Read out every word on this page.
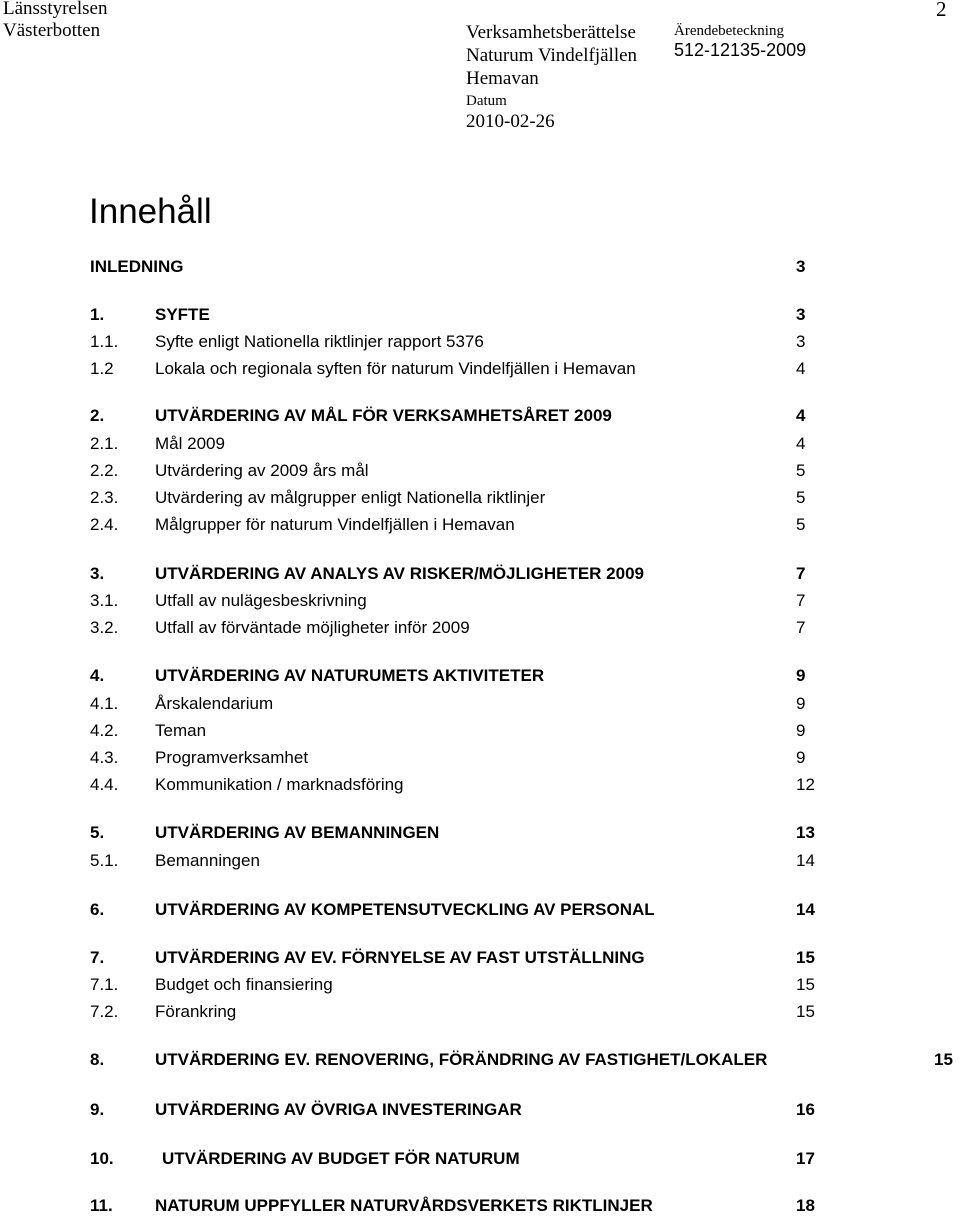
Länsstyrelsen
Västerbotten	Verksamhetsberättelse
Naturum Vindelfjällen
Hemavan
Datum
2010-02-26
Ärendebeteckning
512-12135-2009
2
Innehåll
INLEDNING	3
1.	SYFTE	3
1.1. Syfte enligt Nationella riktlinjer rapport 5376	3
1.2 Lokala och regionala syften för naturum Vindelfjällen i Hemavan	4
2.	UTVÄRDERING AV MÅL FÖR VERKSAMHETSÅRET 2009	4
2.1. Mål 2009	4
2.2. Utvärdering av 2009 års mål	5
2.3. Utvärdering av målgrupper enligt Nationella riktlinjer	5
2.4. Målgrupper för naturum Vindelfjällen i Hemavan	5
3.	UTVÄRDERING AV ANALYS AV RISKER/MÖJLIGHETER 2009	7
3.1. Utfall av nulägesbeskrivning	7
3.2. Utfall av förväntade möjligheter inför 2009	7
4.	UTVÄRDERING AV NATURUMETS AKTIVITETER	9
4.1. Årskalendarium	9
4.2. Teman	9
4.3. Programverksamhet	9
4.4. Kommunikation / marknadsföring	12
5.	UTVÄRDERING AV BEMANNINGEN	13
5.1. Bemanningen	14
6.	UTVÄRDERING AV KOMPETENSUTVECKLING AV PERSONAL	14
7.	UTVÄRDERING AV EV. FÖRNYELSE AV FAST UTSTÄLLNING	15
7.1. Budget och finansiering	15
7.2. Förankring	15
8.	UTVÄRDERING EV. RENOVERING, FÖRÄNDRING AV FASTIGHET/LOKALER	15
9.	UTVÄRDERING AV ÖVRIGA INVESTERINGAR	16
10.	UTVÄRDERING AV BUDGET FÖR NATURUM	17
11. NATURUM UPPFYLLER NATURVÅRDSVERKETS RIKTLINJER	18
